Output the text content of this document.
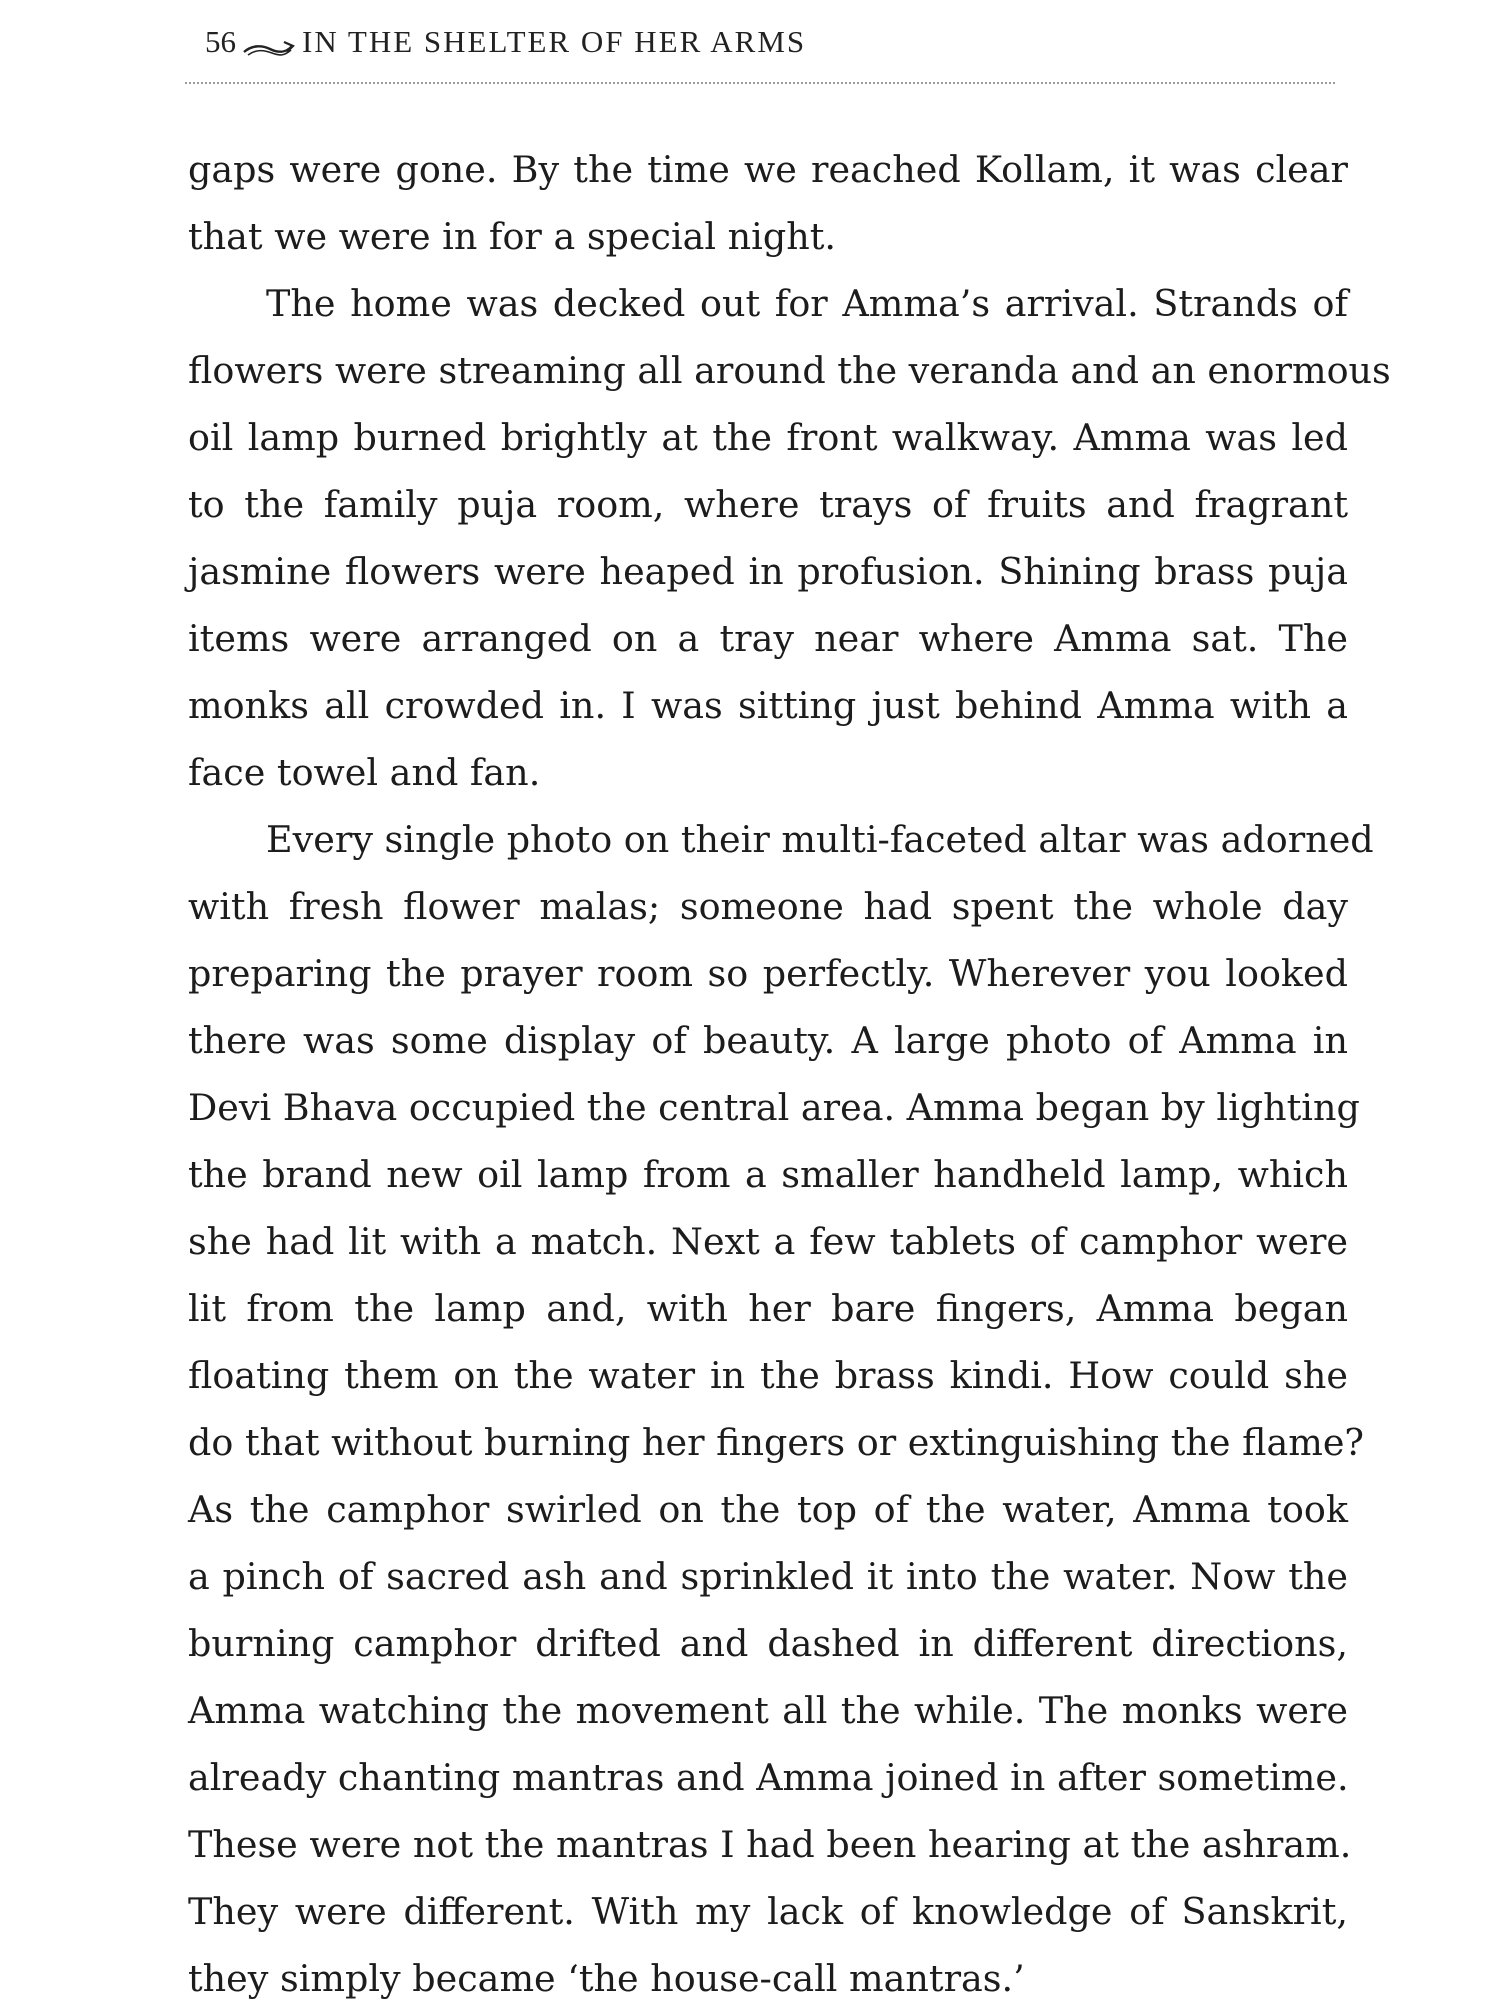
56 IN THE SHELTER OF HER ARMS
gaps were gone. By the time we reached Kollam, it was clear
that we were in for a special night.
The home was decked out for Amma’s arrival. Strands of
flowers were streaming all around the veranda and an enormous
oil lamp burned brightly at the front walkway. Amma was led
to the family puja room, where trays of fruits and fragrant
jasmine flowers were heaped in profusion. Shining brass puja
items were arranged on a tray near where Amma sat. The
monks all crowded in. I was sitting just behind Amma with a
face towel and fan.
Every single photo on their multi-faceted altar was adorned
with fresh flower malas; someone had spent the whole day
preparing the prayer room so perfectly. Wherever you looked
there was some display of beauty. A large photo of Amma in
Devi Bhava occupied the central area. Amma began by lighting
the brand new oil lamp from a smaller handheld lamp, which
she had lit with a match. Next a few tablets of camphor were
lit from the lamp and, with her bare fingers, Amma began
floating them on the water in the brass kindi. How could she
do that without burning her fingers or extinguishing the flame?
As the camphor swirled on the top of the water, Amma took
a pinch of sacred ash and sprinkled it into the water. Now the
burning camphor drifted and dashed in different directions,
Amma watching the movement all the while. The monks were
already chanting mantras and Amma joined in after sometime.
These were not the mantras I had been hearing at the ashram.
They were different. With my lack of knowledge of Sanskrit,
they simply became ‘the house-call mantras.’
